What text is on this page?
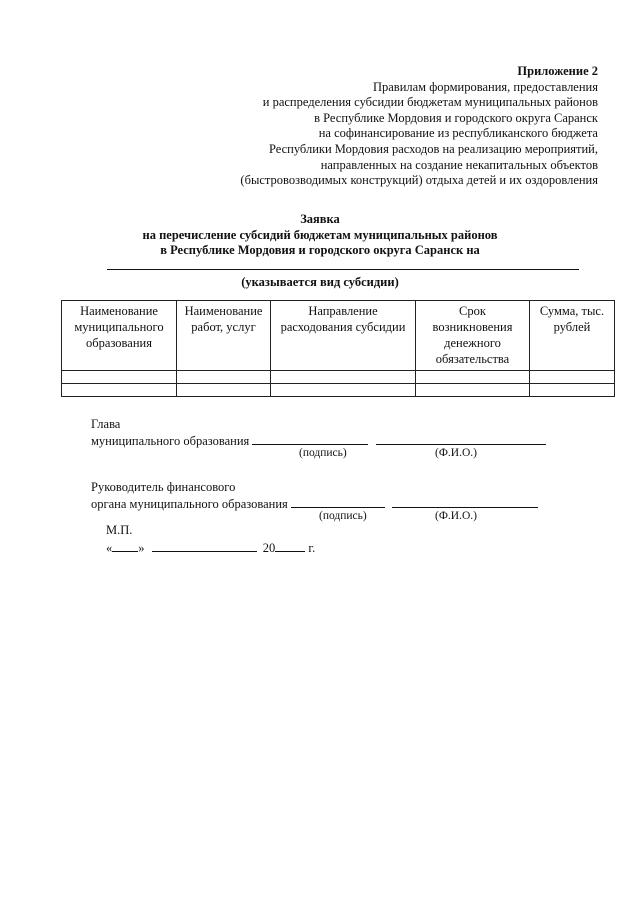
Приложение 2
Правилам формирования, предоставления
и распределения субсидии бюджетам муниципальных районов
в Республике Мордовия и городского округа Саранск
на софинансирование из республиканского бюджета
Республики Мордовия расходов на реализацию мероприятий,
направленных на создание некапитальных объектов
(быстровозводимых конструкций) отдыха детей и их оздоровления
Заявка
на перечисление субсидий бюджетам муниципальных районов
в Республике Мордовия и городского округа Саранск на
(указывается вид субсидии)
Наименование муниципального образования	Наименование работ, услуг	Направление расходования субсидии	Срок возникновения денежного обязательства	Сумма, тыс. рублей

Глава
муниципального образования
(подпись)	(Ф.И.О.)
Руководитель финансового
органа муниципального образования
(подпись)	(Ф.И.О.)
М.П.
« »	20	г.
